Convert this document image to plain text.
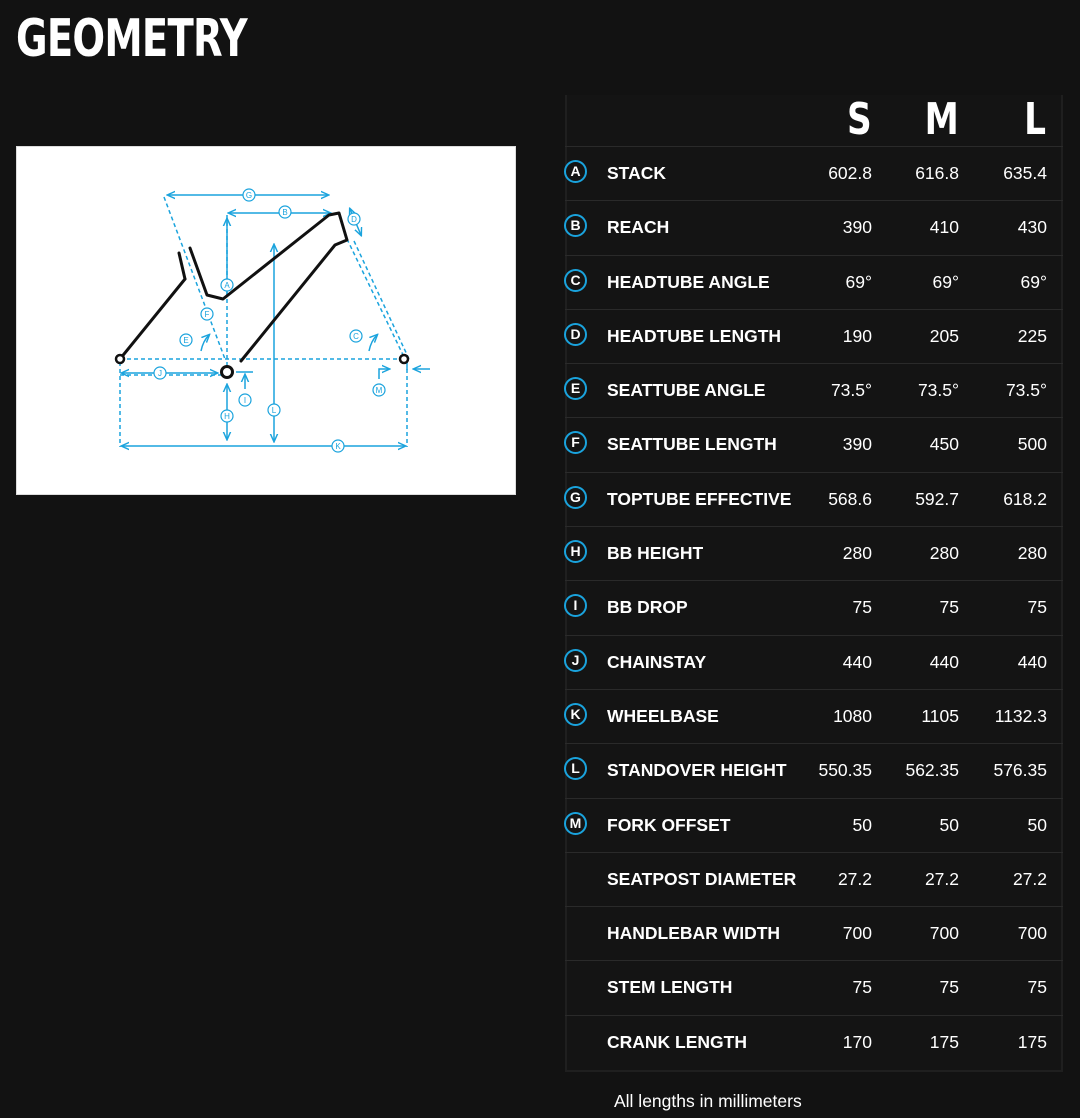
GEOMETRY
G
B
D
A
F
E	C
J
M
I
H
L
K
S M L
A	STACK	602.8	616.8	635.4
B	REACH	390	410	430
C	HEADTUBE ANGLE	69°	69°	69°
D	HEADTUBE LENGTH	190	205	225
E	SEATTUBE ANGLE	73.5°	73.5°	73.5°
F	SEATTUBE LENGTH	390	450	500
G	TOPTUBE EFFECTIVE	568.6	592.7	618.2
H	BB HEIGHT	280	280	280
I	BB DROP	75	75	75
J	CHAINSTAY	440	440	440
K	WHEELBASE	1080	1105	1132.3
L	STANDOVER HEIGHT	550.35	562.35	576.35
M	FORK OFFSET	50	50	50
SEATPOST DIAMETER	27.2	27.2	27.2
HANDLEBAR WIDTH	700	700	700
STEM LENGTH	75	75	75
CRANK LENGTH	170	175	175
All lengths in millimeters
